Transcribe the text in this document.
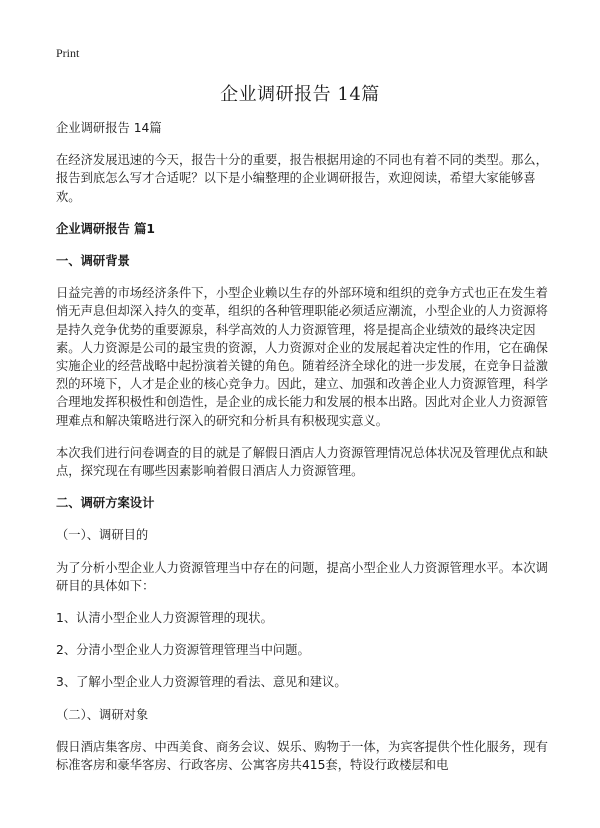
Print
企业调研报告 14篇

企业调研报告 14篇

在经济发展迅速的今天，报告十分的重要，报告根据用途的不同也有着不同的类型。那么，报告到底怎么写才合适呢？以下是小编整理的企业调研报告，欢迎阅读，希望大家能够喜欢。

企业调研报告 篇1

一、调研背景

日益完善的市场经济条件下，小型企业赖以生存的外部环境和组织的竞争方式也正在发生着悄无声息但却深入持久的变革，组织的各种管理职能必须适应潮流，小型企业的人力资源将是持久竞争优势的重要源泉，科学高效的人力资源管理，将是提高企业绩效的最终决定因素。人力资源是公司的最宝贵的资源，人力资源对企业的发展起着决定性的作用，它在确保实施企业的经营战略中起扮演着关键的角色。随着经济全球化的进一步发展，在竞争日益激烈的环境下，人才是企业的核心竞争力。因此，建立、加强和改善企业人力资源管理，科学合理地发挥积极性和创造性，是企业的成长能力和发展的根本出路。因此对企业人力资源管理难点和解决策略进行深入的研究和分析具有积极现实意义。

本次我们进行问卷调查的目的就是了解假日酒店人力资源管理情况总体状况及管理优点和缺点，探究现在有哪些因素影响着假日酒店人力资源管理。

二、调研方案设计

（一）、调研目的

为了分析小型企业人力资源管理当中存在的问题，提高小型企业人力资源管理水平。本次调研目的具体如下：

1、认清小型企业人力资源管理的现状。

2、分清小型企业人力资源管理管理当中问题。

3、了解小型企业人力资源管理的看法、意见和建议。

（二）、调研对象

假日酒店集客房、中西美食、商务会议、娱乐、购物于一体，为宾客提供个性化服务，现有标准客房和豪华客房、行政客房、公寓客房共415套，特设行政楼层和电
